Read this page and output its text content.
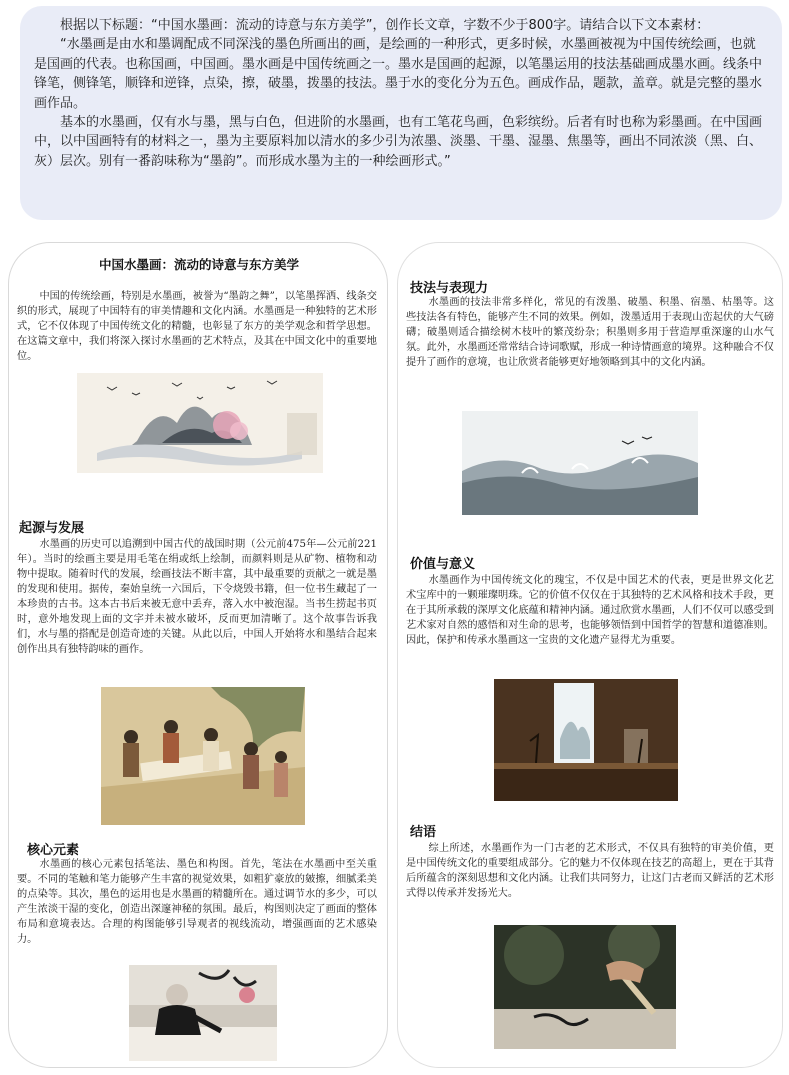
根据以下标题：“中国水墨画：流动的诗意与东方美学”，创作长文章，字数不少于800字。请结合以下文本素材：

“水墨画是由水和墨调配成不同深浅的墨色所画出的画，是绘画的一种形式，更多时候，水墨画被视为中国传统绘画，也就是国画的代表。也称国画，中国画。墨水画是中国传统画之一。墨水是国画的起源，以笔墨运用的技法基础画成墨水画。线条中锋笔，侧锋笔，顺锋和逆锋，点染，擦，破墨，拨墨的技法。墨于水的变化分为五色。画成作品，题款，盖章。就是完整的墨水画作品。

基本的水墨画，仅有水与墨，黑与白色，但进阶的水墨画，也有工笔花鸟画，色彩缤纷。后者有时也称为彩墨画。在中国画中，以中国画特有的材料之一，墨为主要原料加以清水的多少引为浓墨、淡墨、干墨、湿墨、焦墨等，画出不同浓淡（黑、白、灰）层次。别有一番韵味称为“墨韵”。而形成水墨为主的一种绘画形式。”

中国水墨画：流动的诗意与东方美学

中国的传统绘画，特别是水墨画，被誉为“墨韵之舞”，以笔墨挥洒、线条交织的形式，展现了中国特有的审美情趣和文化内涵。水墨画是一种独特的艺术形式，它不仅体现了中国传统文化的精髓，也彰显了东方的美学观念和哲学思想。在这篇文章中，我们将深入探讨水墨画的艺术特点，及其在中国文化中的重要地位。

起源与发展

水墨画的历史可以追溯到中国古代的战国时期（公元前475年—公元前221年）。当时的绘画主要是用毛笔在绢或纸上绘制，而颜料则是从矿物、植物和动物中提取。随着时代的发展，绘画技法不断丰富，其中最重要的贡献之一就是墨的发现和使用。据传，秦始皇统一六国后，下令烧毁书籍，但一位书生藏起了一本珍贵的古书。这本古书后来被无意中丢弃，落入水中被泡湿。当书生捞起书页时，意外地发现上面的文字并未被水破坏，反而更加清晰了。这个故事告诉我们，水与墨的搭配是创造奇迹的关键。从此以后，中国人开始将水和墨结合起来创作出具有独特韵味的画作。

核心元素

水墨画的核心元素包括笔法、墨色和构图。首先，笔法在水墨画中至关重要。不同的笔触和笔力能够产生丰富的视觉效果，如粗犷豪放的皴擦，细腻柔美的点染等。其次，墨色的运用也是水墨画的精髓所在。通过调节水的多少，可以产生浓淡干湿的变化，创造出深邃神秘的氛围。最后，构图则决定了画面的整体布局和意境表达。合理的构图能够引导观者的视线流动，增强画面的艺术感染力。

技法与表现力

水墨画的技法非常多样化，常见的有泼墨、破墨、积墨、宿墨、枯墨等。这些技法各有特色，能够产生不同的效果。例如，泼墨适用于表现山峦起伏的大气磅礴；破墨则适合描绘树木枝叶的繁茂纷杂；积墨则多用于营造厚重深邃的山水气氛。此外，水墨画还常常结合诗词歌赋，形成一种诗情画意的境界。这种融合不仅提升了画作的意境，也让欣赏者能够更好地领略到其中的文化内涵。

价值与意义

水墨画作为中国传统文化的瑰宝，不仅是中国艺术的代表，更是世界文化艺术宝库中的一颗璀璨明珠。它的价值不仅仅在于其独特的艺术风格和技术手段，更在于其所承载的深厚文化底蕴和精神内涵。通过欣赏水墨画，人们不仅可以感受到艺术家对自然的感悟和对生命的思考，也能够领悟到中国哲学的智慧和道德准则。因此，保护和传承水墨画这一宝贵的文化遗产显得尤为重要。

结语

综上所述，水墨画作为一门古老的艺术形式，不仅具有独特的审美价值，更是中国传统文化的重要组成部分。它的魅力不仅体现在技艺的高超上，更在于其背后所蕴含的深刻思想和文化内涵。让我们共同努力，让这门古老而又鲜活的艺术形式得以传承并发扬光大。
